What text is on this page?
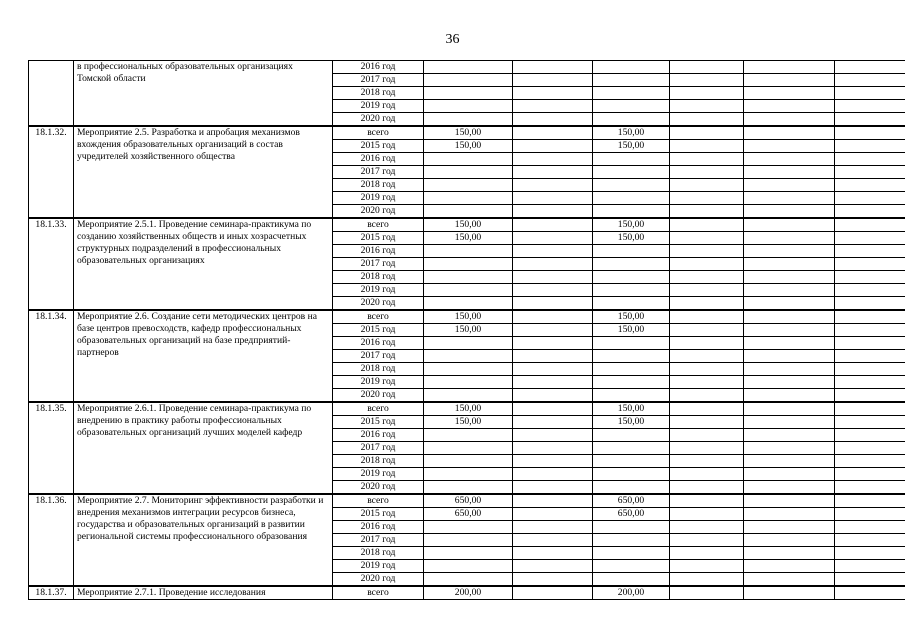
36
	в профессиональных образовательных организациях Томской области	2016 год						
		2017 год						
		2018 год						
		2019 год						
		2020 год						
18.1.32.	Мероприятие 2.5. Разработка и апробация механизмов вхождения образовательных организаций в состав учредителей хозяйственного общества	всего	150,00		150,00			
		2015 год	150,00		150,00			
		2016 год						
		2017 год						
		2018 год						
		2019 год						
		2020 год						
18.1.33.	Мероприятие 2.5.1. Проведение семинара-практикума по созданию хозяйственных обществ и иных хозрасчетных структурных подразделений в профессиональных образовательных организациях	всего	150,00		150,00			
		2015 год	150,00		150,00			
		2016 год						
		2017 год						
		2018 год						
		2019 год						
		2020 год						
18.1.34.	Мероприятие 2.6. Создание сети методических центров на базе центров превосходств, кафедр профессиональных образовательных организаций на базе предприятий-партнеров	всего	150,00		150,00			
		2015 год	150,00		150,00			
		2016 год						
		2017 год						
		2018 год						
		2019 год						
		2020 год						
18.1.35.	Мероприятие 2.6.1. Проведение семинара-практикума по внедрению в практику работы профессиональных образовательных организаций лучших моделей кафедр	всего	150,00		150,00			
		2015 год	150,00		150,00			
		2016 год						
		2017 год						
		2018 год						
		2019 год						
		2020 год						
18.1.36.	Мероприятие 2.7. Мониторинг эффективности разработки и внедрения механизмов интеграции ресурсов бизнеса, государства и образовательных организаций в развитии региональной системы профессионального образования	всего	650,00		650,00			
		2015 год	650,00		650,00			
		2016 год						
		2017 год						
		2018 год						
		2019 год						
		2020 год						
18.1.37.	Мероприятие 2.7.1. Проведение исследования	всего	200,00		200,00			
